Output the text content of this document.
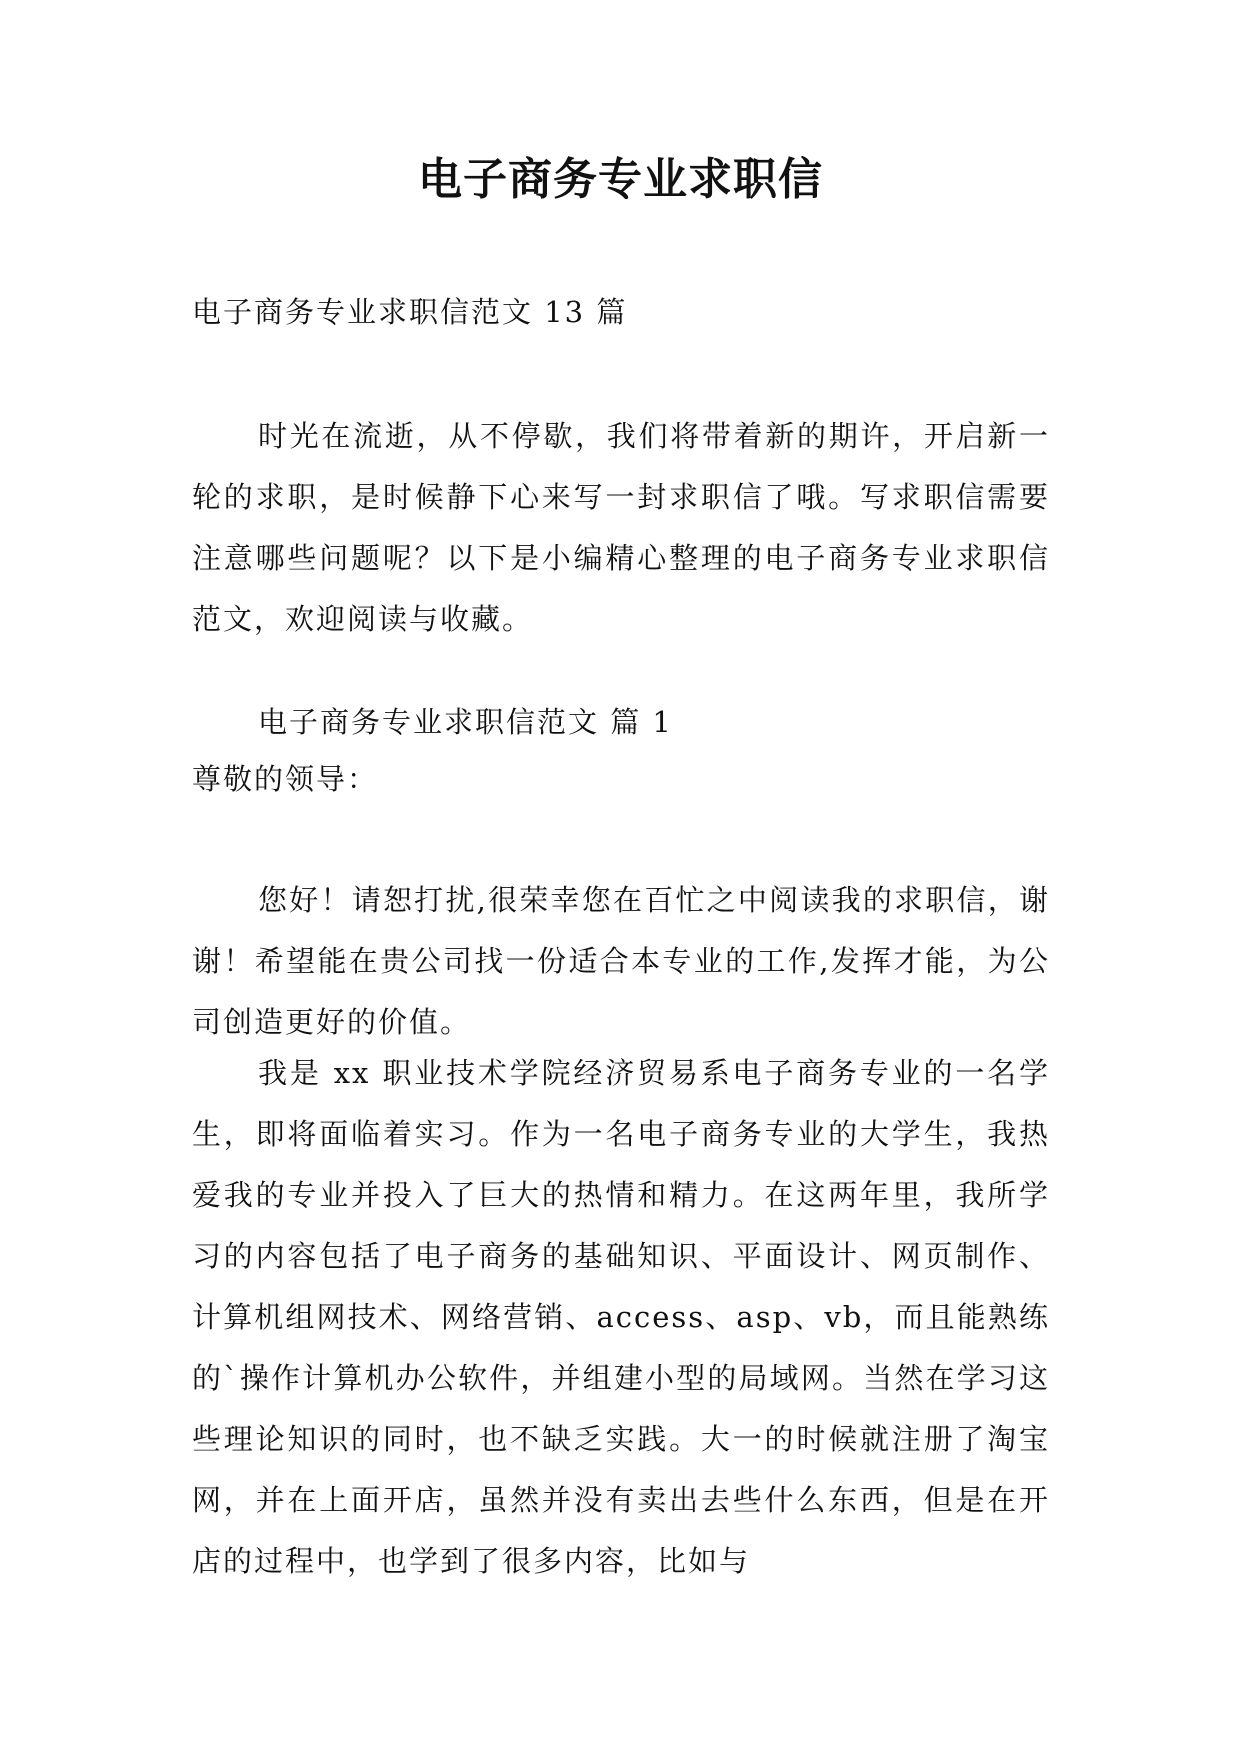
电子商务专业求职信
电子商务专业求职信范文 13 篇

时光在流逝，从不停歇，我们将带着新的期许，开启新一轮的求职，是时候静下心来写一封求职信了哦。写求职信需要注意哪些问题呢？以下是小编精心整理的电子商务专业求职信范文，欢迎阅读与收藏。

电子商务专业求职信范文 篇 1
尊敬的领导：

您好！请恕打扰,很荣幸您在百忙之中阅读我的求职信，谢谢！希望能在贵公司找一份适合本专业的工作,发挥才能，为公司创造更好的价值。

我是 xx 职业技术学院经济贸易系电子商务专业的一名学生，即将面临着实习。作为一名电子商务专业的大学生，我热爱我的专业并投入了巨大的热情和精力。在这两年里，我所学习的内容包括了电子商务的基础知识、平面设计、网页制作、计算机组网技术、网络营销、access、asp、vb，而且能熟练的`操作计算机办公软件，并组建小型的局域网。当然在学习这些理论知识的同时，也不缺乏实践。大一的时候就注册了淘宝网，并在上面开店，虽然并没有卖出去些什么东西，但是在开店的过程中，也学到了很多内容，比如与
